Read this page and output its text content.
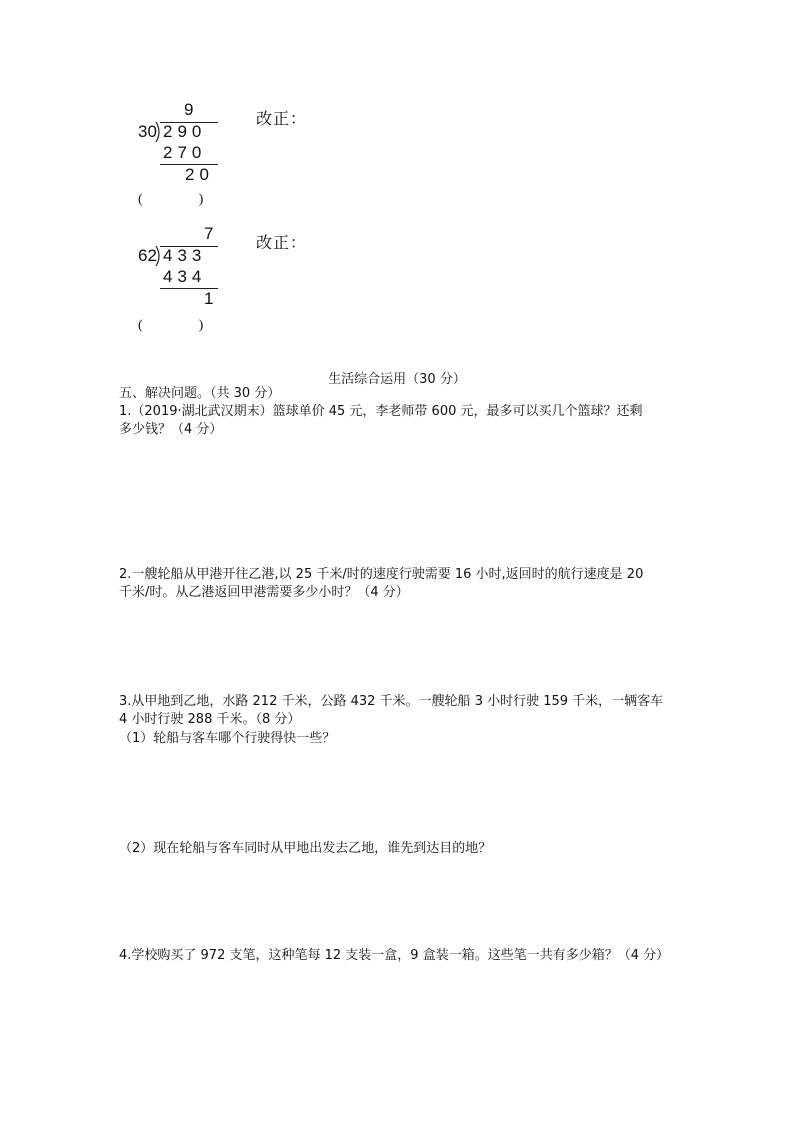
9
30 290
270
20
(　　　　)
改正：
7
62 433
434
1
(　　　　)
改正：
生活综合运用（30 分）
五、解决问题。（共 30 分）
1.（2019·湖北武汉期末）篮球单价 45 元，李老师带 600 元，最多可以买几个篮球？还剩
多少钱？（4 分）
2.一艘轮船从甲港开往乙港,以 25 千米/时的速度行驶需要 16 小时,返回时的航行速度是 20
千米/时。从乙港返回甲港需要多少小时？（4 分）
3.从甲地到乙地，水路 212 千米，公路 432 千米。一艘轮船 3 小时行驶 159 千米，一辆客车
4 小时行驶 288 千米。（8 分）
（1）轮船与客车哪个行驶得快一些？
（2）现在轮船与客车同时从甲地出发去乙地，谁先到达目的地？
4.学校购买了 972 支笔，这种笔每 12 支装一盒，9 盒装一箱。这些笔一共有多少箱？（4 分）
